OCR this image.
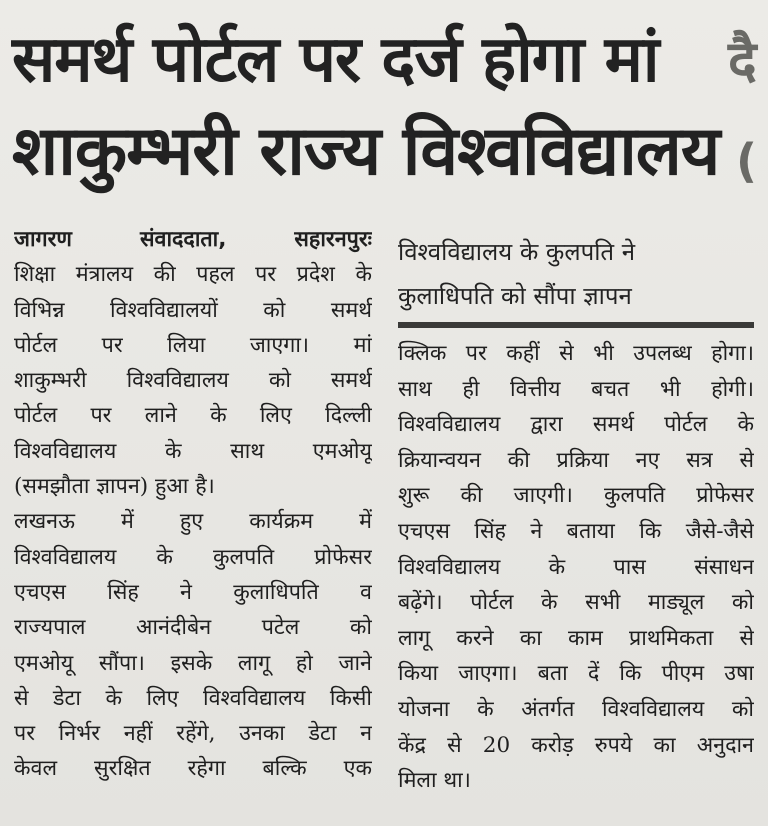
समर्थ पोर्टल पर दर्ज होगा मां
शाकुम्भरी राज्य विश्वविद्यालय
दै
(
जागरण संवाददाता, सहारनपुरः
शिक्षा मंत्रालय की पहल पर प्रदेश के
विभिन्न विश्वविद्यालयों को समर्थ
पोर्टल पर लिया जाएगा। मां
शाकुम्भरी विश्वविद्यालय को समर्थ
पोर्टल पर लाने के लिए दिल्ली
विश्वविद्यालय के साथ एमओयू
(समझौता ज्ञापन) हुआ है।
लखनऊ में हुए कार्यक्रम में
विश्वविद्यालय के कुलपति प्रोफेसर
एचएस सिंह ने कुलाधिपति व
राज्यपाल आनंदीबेन पटेल को
एमओयू सौंपा। इसके लागू हो जाने
से डेटा के लिए विश्वविद्यालय किसी
पर निर्भर नहीं रहेंगे, उनका डेटा न
केवल सुरक्षित रहेगा बल्कि एक
विश्वविद्यालय के कुलपति ने
कुलाधिपति को सौंपा ज्ञापन
क्लिक पर कहीं से भी उपलब्ध होगा।
साथ ही वित्तीय बचत भी होगी।
विश्वविद्यालय द्वारा समर्थ पोर्टल के
क्रियान्वयन की प्रक्रिया नए सत्र से
शुरू की जाएगी। कुलपति प्रोफेसर
एचएस सिंह ने बताया कि जैसे-जैसे
विश्वविद्यालय के पास संसाधन
बढ़ेंगे। पोर्टल के सभी माड्यूल को
लागू करने का काम प्राथमिकता से
किया जाएगा। बता दें कि पीएम उषा
योजना के अंतर्गत विश्वविद्यालय को
केंद्र से 20 करोड़ रुपये का अनुदान
मिला था।
